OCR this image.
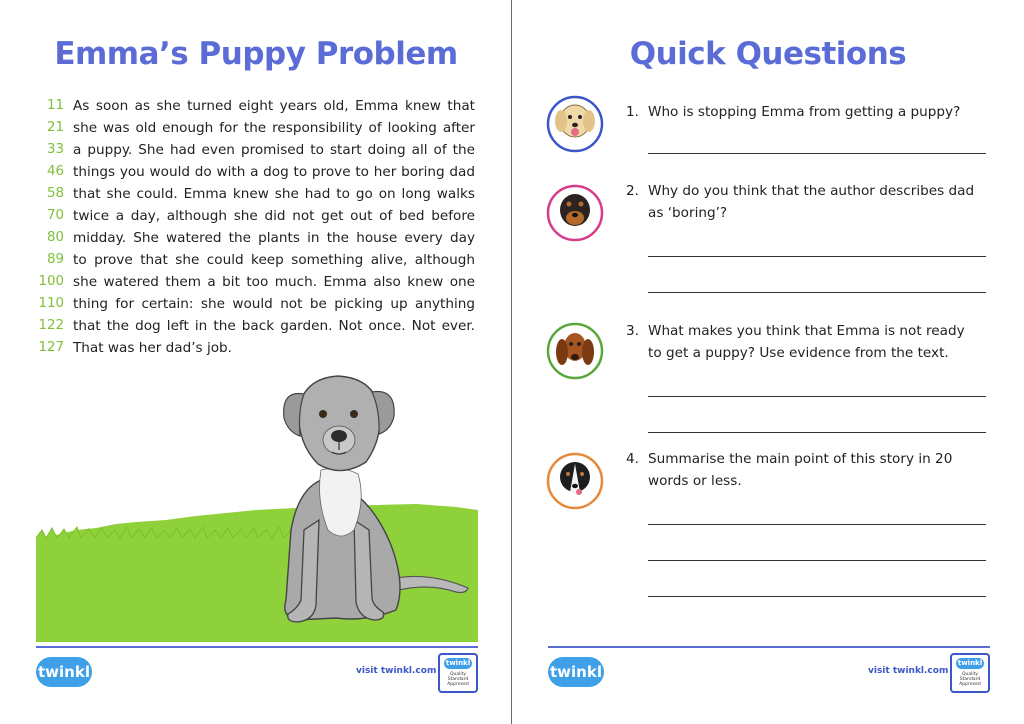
Emma’s Puppy Problem
11 As soon as she turned eight years old, Emma knew that
21 she was old enough for the responsibility of looking after
33 a puppy. She had even promised to start doing all of the
46 things you would do with a dog to prove to her boring dad
58 that she could. Emma knew she had to go on long walks
70 twice a day, although she did not get out of bed before
80 midday. She watered the plants in the house every day
89 to prove that she could keep something alive, although
100 she watered them a bit too much. Emma also knew one
110 thing for certain: she would not be picking up anything
122 that the dog left in the back garden. Not once. Not ever.
127 That was her dad’s job.
twinkl	visit twinkl.com
twinkl
Quality Standard Approved
Quick Questions
1. Who is stopping Emma from getting a puppy?
2. Why do you think that the author describes dad
as ‘boring’?
3. What makes you think that Emma is not ready
to get a puppy? Use evidence from the text.
4. Summarise the main point of this story in 20
words or less.
twinkl	visit twinkl.com
twinkl
Quality Standard Approved
